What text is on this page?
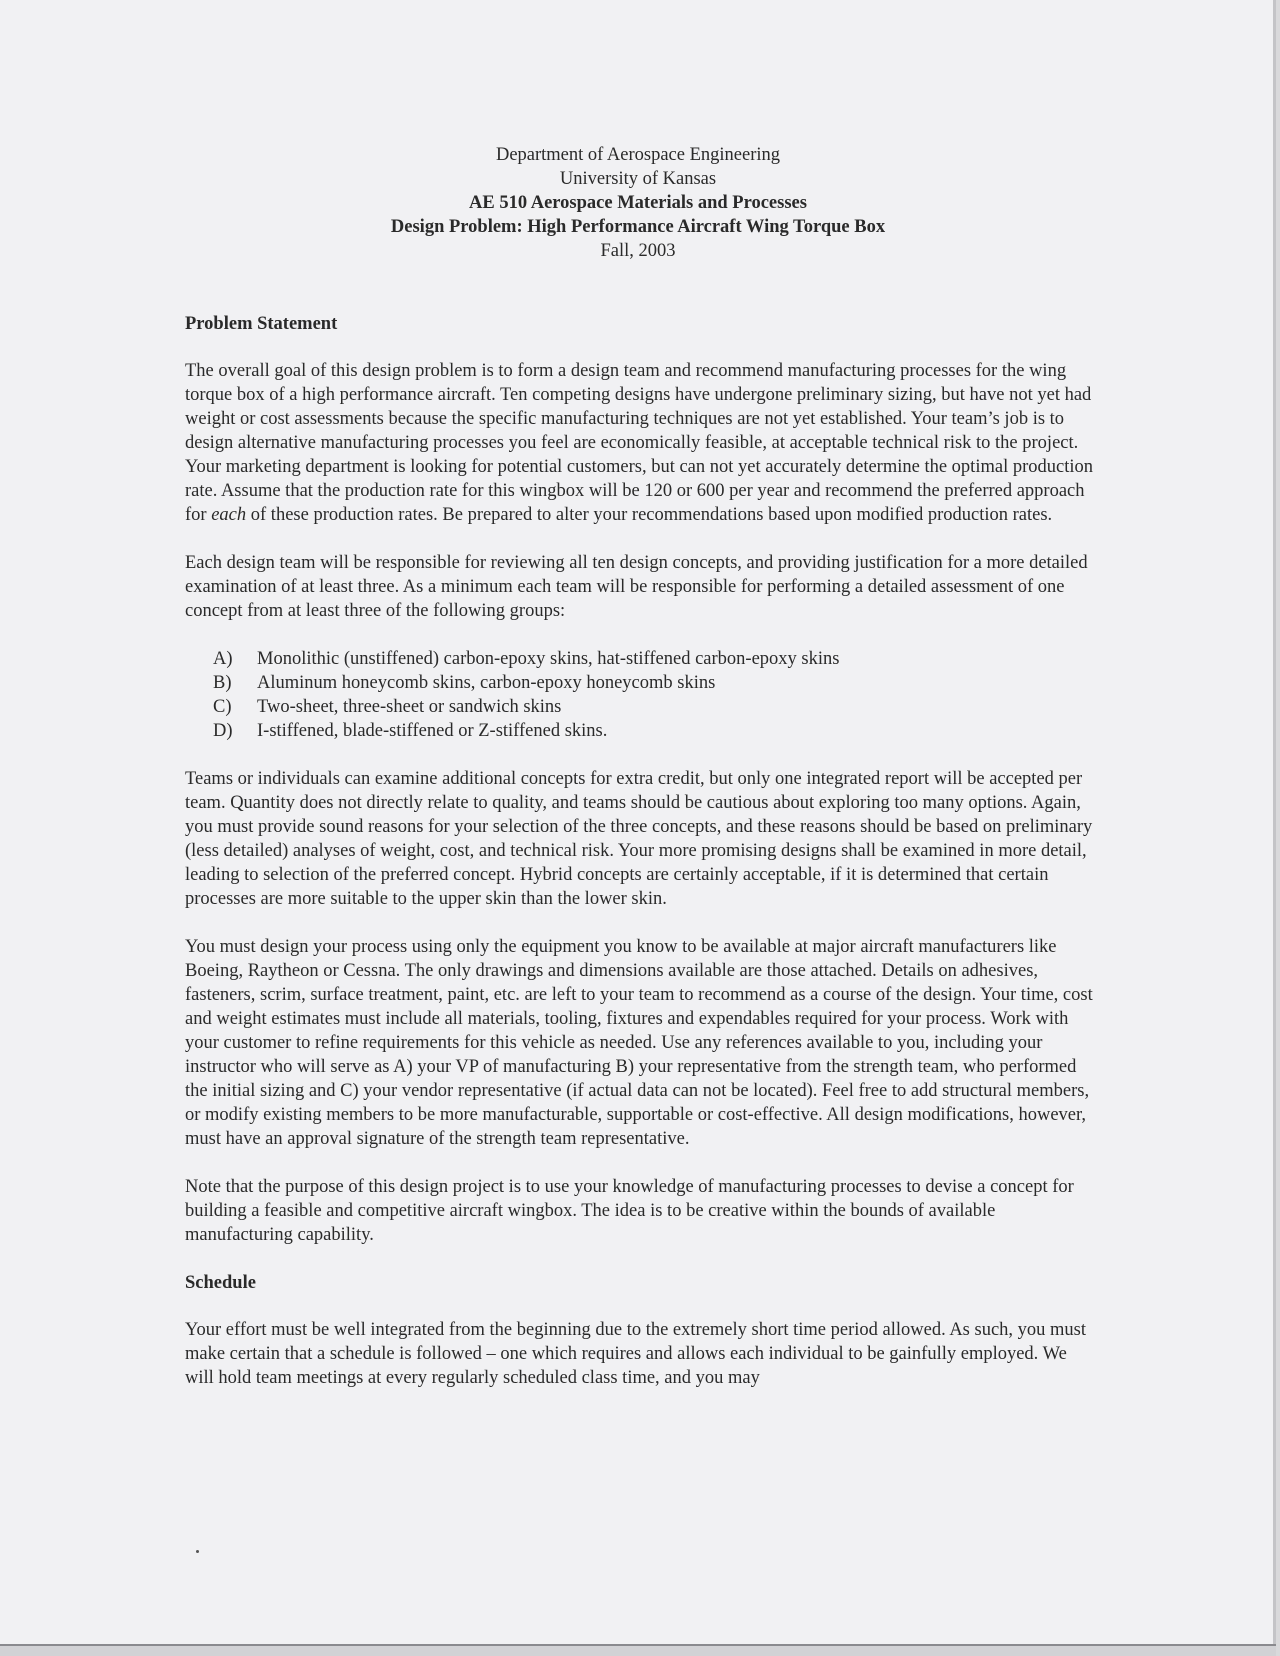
Department of Aerospace Engineering
University of Kansas
AE 510 Aerospace Materials and Processes
Design Problem: High Performance Aircraft Wing Torque Box
Fall, 2003
Problem Statement

The overall goal of this design problem is to form a design team and recommend manufacturing processes for the wing torque box of a high performance aircraft. Ten competing designs have undergone preliminary sizing, but have not yet had weight or cost assessments because the specific manufacturing techniques are not yet established. Your team’s job is to design alternative manufacturing processes you feel are economically feasible, at acceptable technical risk to the project. Your marketing department is looking for potential customers, but can not yet accurately determine the optimal production rate. Assume that the production rate for this wingbox will be 120 or 600 per year and recommend the preferred approach for each of these production rates. Be prepared to alter your recommendations based upon modified production rates.

Each design team will be responsible for reviewing all ten design concepts, and providing justification for a more detailed examination of at least three. As a minimum each team will be responsible for performing a detailed assessment of one concept from at least three of the following groups:

A)	Monolithic (unstiffened) carbon-epoxy skins, hat-stiffened carbon-epoxy skins
B)	Aluminum honeycomb skins, carbon-epoxy honeycomb skins
C)	Two-sheet, three-sheet or sandwich skins
D)	I-stiffened, blade-stiffened or Z-stiffened skins.

Teams or individuals can examine additional concepts for extra credit, but only one integrated report will be accepted per team. Quantity does not directly relate to quality, and teams should be cautious about exploring too many options. Again, you must provide sound reasons for your selection of the three concepts, and these reasons should be based on preliminary (less detailed) analyses of weight, cost, and technical risk. Your more promising designs shall be examined in more detail, leading to selection of the preferred concept. Hybrid concepts are certainly acceptable, if it is determined that certain processes are more suitable to the upper skin than the lower skin.

You must design your process using only the equipment you know to be available at major aircraft manufacturers like Boeing, Raytheon or Cessna. The only drawings and dimensions available are those attached. Details on adhesives, fasteners, scrim, surface treatment, paint, etc. are left to your team to recommend as a course of the design. Your time, cost and weight estimates must include all materials, tooling, fixtures and expendables required for your process. Work with your customer to refine requirements for this vehicle as needed. Use any references available to you, including your instructor who will serve as A) your VP of manufacturing B) your representative from the strength team, who performed the initial sizing and C) your vendor representative (if actual data can not be located). Feel free to add structural members, or modify existing members to be more manufacturable, supportable or cost-effective. All design modifications, however, must have an approval signature of the strength team representative.

Note that the purpose of this design project is to use your knowledge of manufacturing processes to devise a concept for building a feasible and competitive aircraft wingbox. The idea is to be creative within the bounds of available manufacturing capability.

Schedule

Your effort must be well integrated from the beginning due to the extremely short time period allowed. As such, you must make certain that a schedule is followed – one which requires and allows each individual to be gainfully employed. We will hold team meetings at every regularly scheduled class time, and you may
